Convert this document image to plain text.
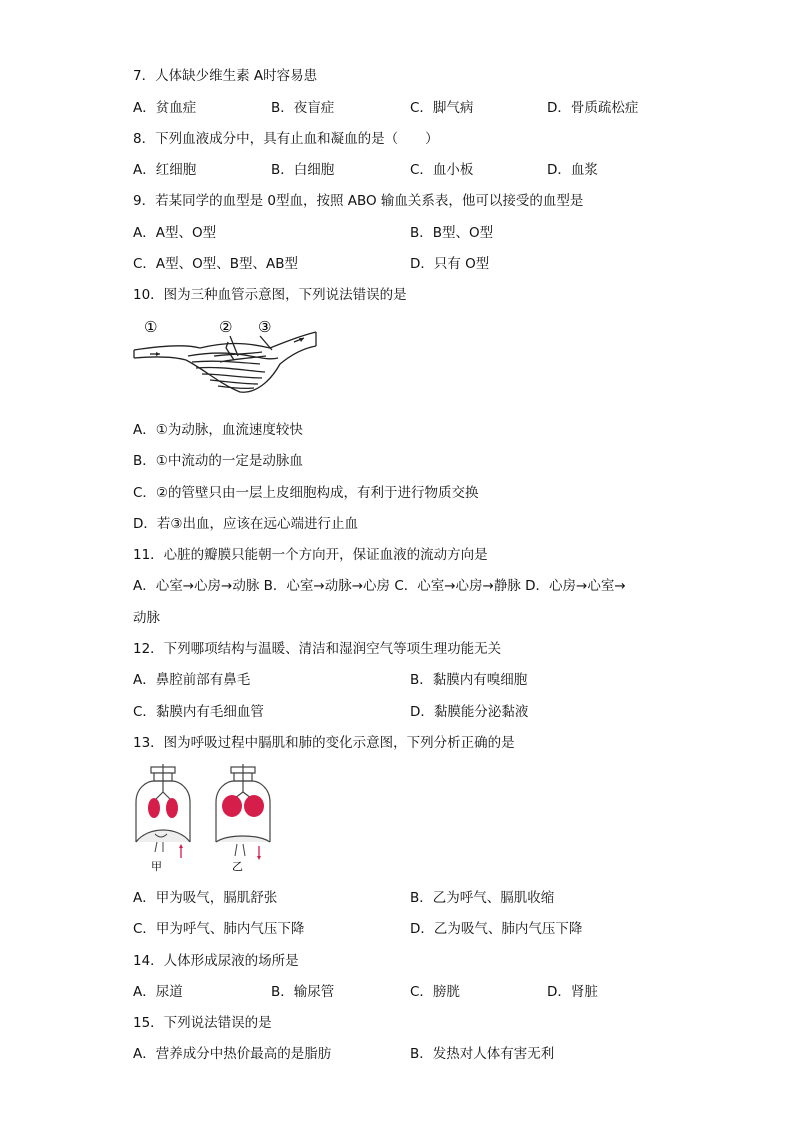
7．人体缺少维生素 A时容易患
A．贫血症	B．夜盲症	C．脚气病	D．骨质疏松症
8．下列血液成分中，具有止血和凝血的是（　　）
A．红细胞	B．白细胞	C．血小板	D．血浆
9．若某同学的血型是 0型血，按照 ABO 输血关系表，他可以接受的血型是
A．A型、O型	B．B型、O型
C．A型、O型、B型、AB型	D．只有 O型
10．图为三种血管示意图，下列说法错误的是
①	② ③
A．①为动脉，血流速度较快
B．①中流动的一定是动脉血
C．②的管壁只由一层上皮细胞构成，有利于进行物质交换
D．若③出血，应该在远心端进行止血
11．心脏的瓣膜只能朝一个方向开，保证血液的流动方向是
A．心室→心房→动脉 B．心室→动脉→心房 C．心室→心房→静脉 D．心房→心室→
动脉
12．下列哪项结构与温暖、清洁和湿润空气等项生理功能无关
A．鼻腔前部有鼻毛	B．黏膜内有嗅细胞
C．黏膜内有毛细血管	D．黏膜能分泌黏液
13．图为呼吸过程中膈肌和肺的变化示意图，下列分析正确的是
甲	乙
A．甲为吸气，膈肌舒张	B．乙为呼气、膈肌收缩
C．甲为呼气、肺内气压下降	D．乙为吸气、肺内气压下降
14．人体形成尿液的场所是
A．尿道	B．输尿管	C．膀胱	D．肾脏
15．下列说法错误的是
A．营养成分中热价最高的是脂肪	B．发热对人体有害无利
